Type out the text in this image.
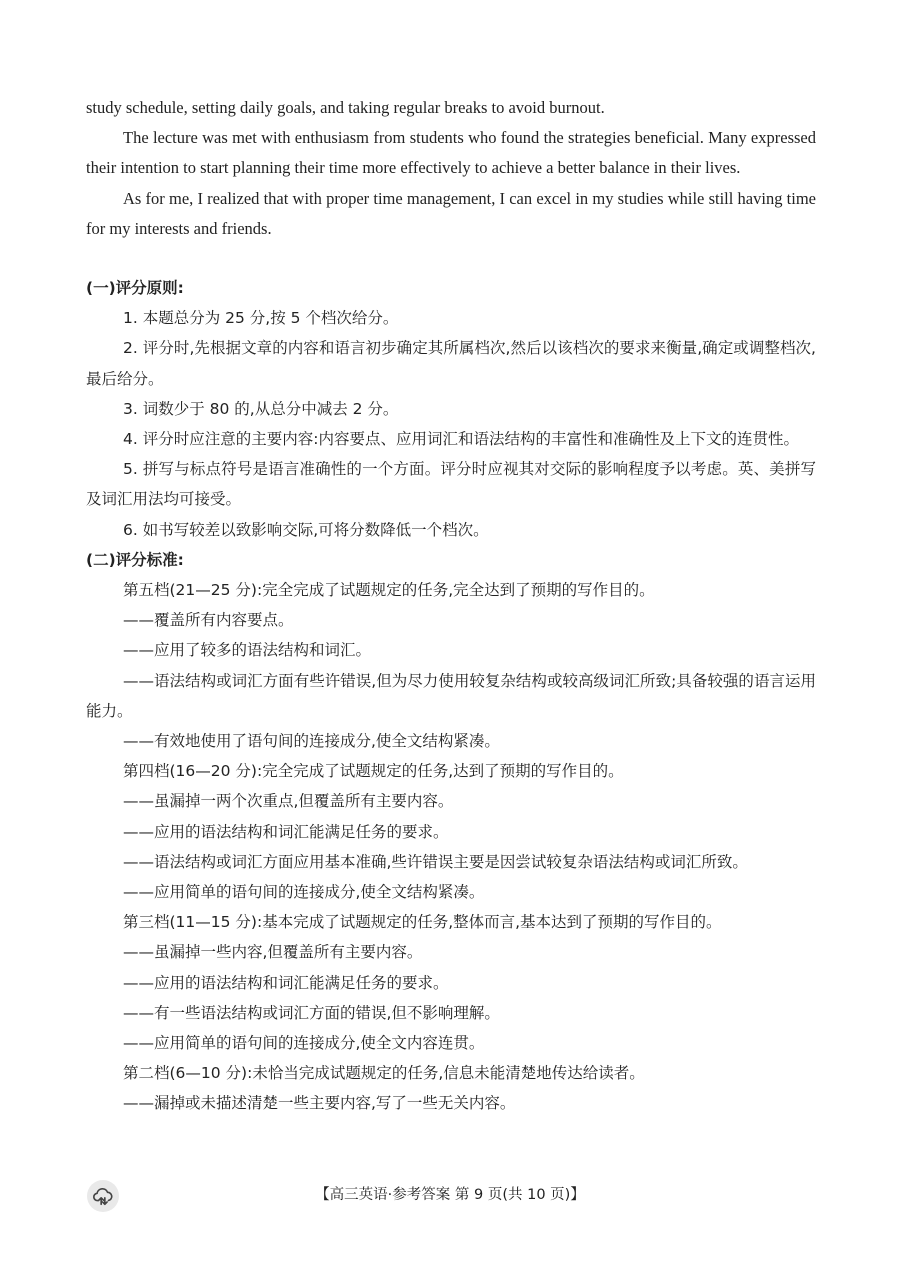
study schedule, setting daily goals, and taking regular breaks to avoid burnout.

The lecture was met with enthusiasm from students who found the strategies beneficial. Many expressed their intention to start planning their time more effectively to achieve a better balance in their lives.

As for me, I realized that with proper time management, I can excel in my studies while still having time for my interests and friends.

(一)评分原则:

1. 本题总分为 25 分,按 5 个档次给分。

2. 评分时,先根据文章的内容和语言初步确定其所属档次,然后以该档次的要求来衡量,确定或调整档次,最后给分。

3. 词数少于 80 的,从总分中减去 2 分。

4. 评分时应注意的主要内容:内容要点、应用词汇和语法结构的丰富性和准确性及上下文的连贯性。

5. 拼写与标点符号是语言准确性的一个方面。评分时应视其对交际的影响程度予以考虑。英、美拼写及词汇用法均可接受。

6. 如书写较差以致影响交际,可将分数降低一个档次。

(二)评分标准:

第五档(21—25 分):完全完成了试题规定的任务,完全达到了预期的写作目的。

——覆盖所有内容要点。

——应用了较多的语法结构和词汇。

——语法结构或词汇方面有些许错误,但为尽力使用较复杂结构或较高级词汇所致;具备较强的语言运用能力。

——有效地使用了语句间的连接成分,使全文结构紧凑。

第四档(16—20 分):完全完成了试题规定的任务,达到了预期的写作目的。

——虽漏掉一两个次重点,但覆盖所有主要内容。

——应用的语法结构和词汇能满足任务的要求。

——语法结构或词汇方面应用基本准确,些许错误主要是因尝试较复杂语法结构或词汇所致。

——应用简单的语句间的连接成分,使全文结构紧凑。

第三档(11—15 分):基本完成了试题规定的任务,整体而言,基本达到了预期的写作目的。

——虽漏掉一些内容,但覆盖所有主要内容。

——应用的语法结构和词汇能满足任务的要求。

——有一些语法结构或词汇方面的错误,但不影响理解。

——应用简单的语句间的连接成分,使全文内容连贯。

第二档(6—10 分):未恰当完成试题规定的任务,信息未能清楚地传达给读者。

——漏掉或未描述清楚一些主要内容,写了一些无关内容。

【高三英语·参考答案 第 9 页(共 10 页)】
